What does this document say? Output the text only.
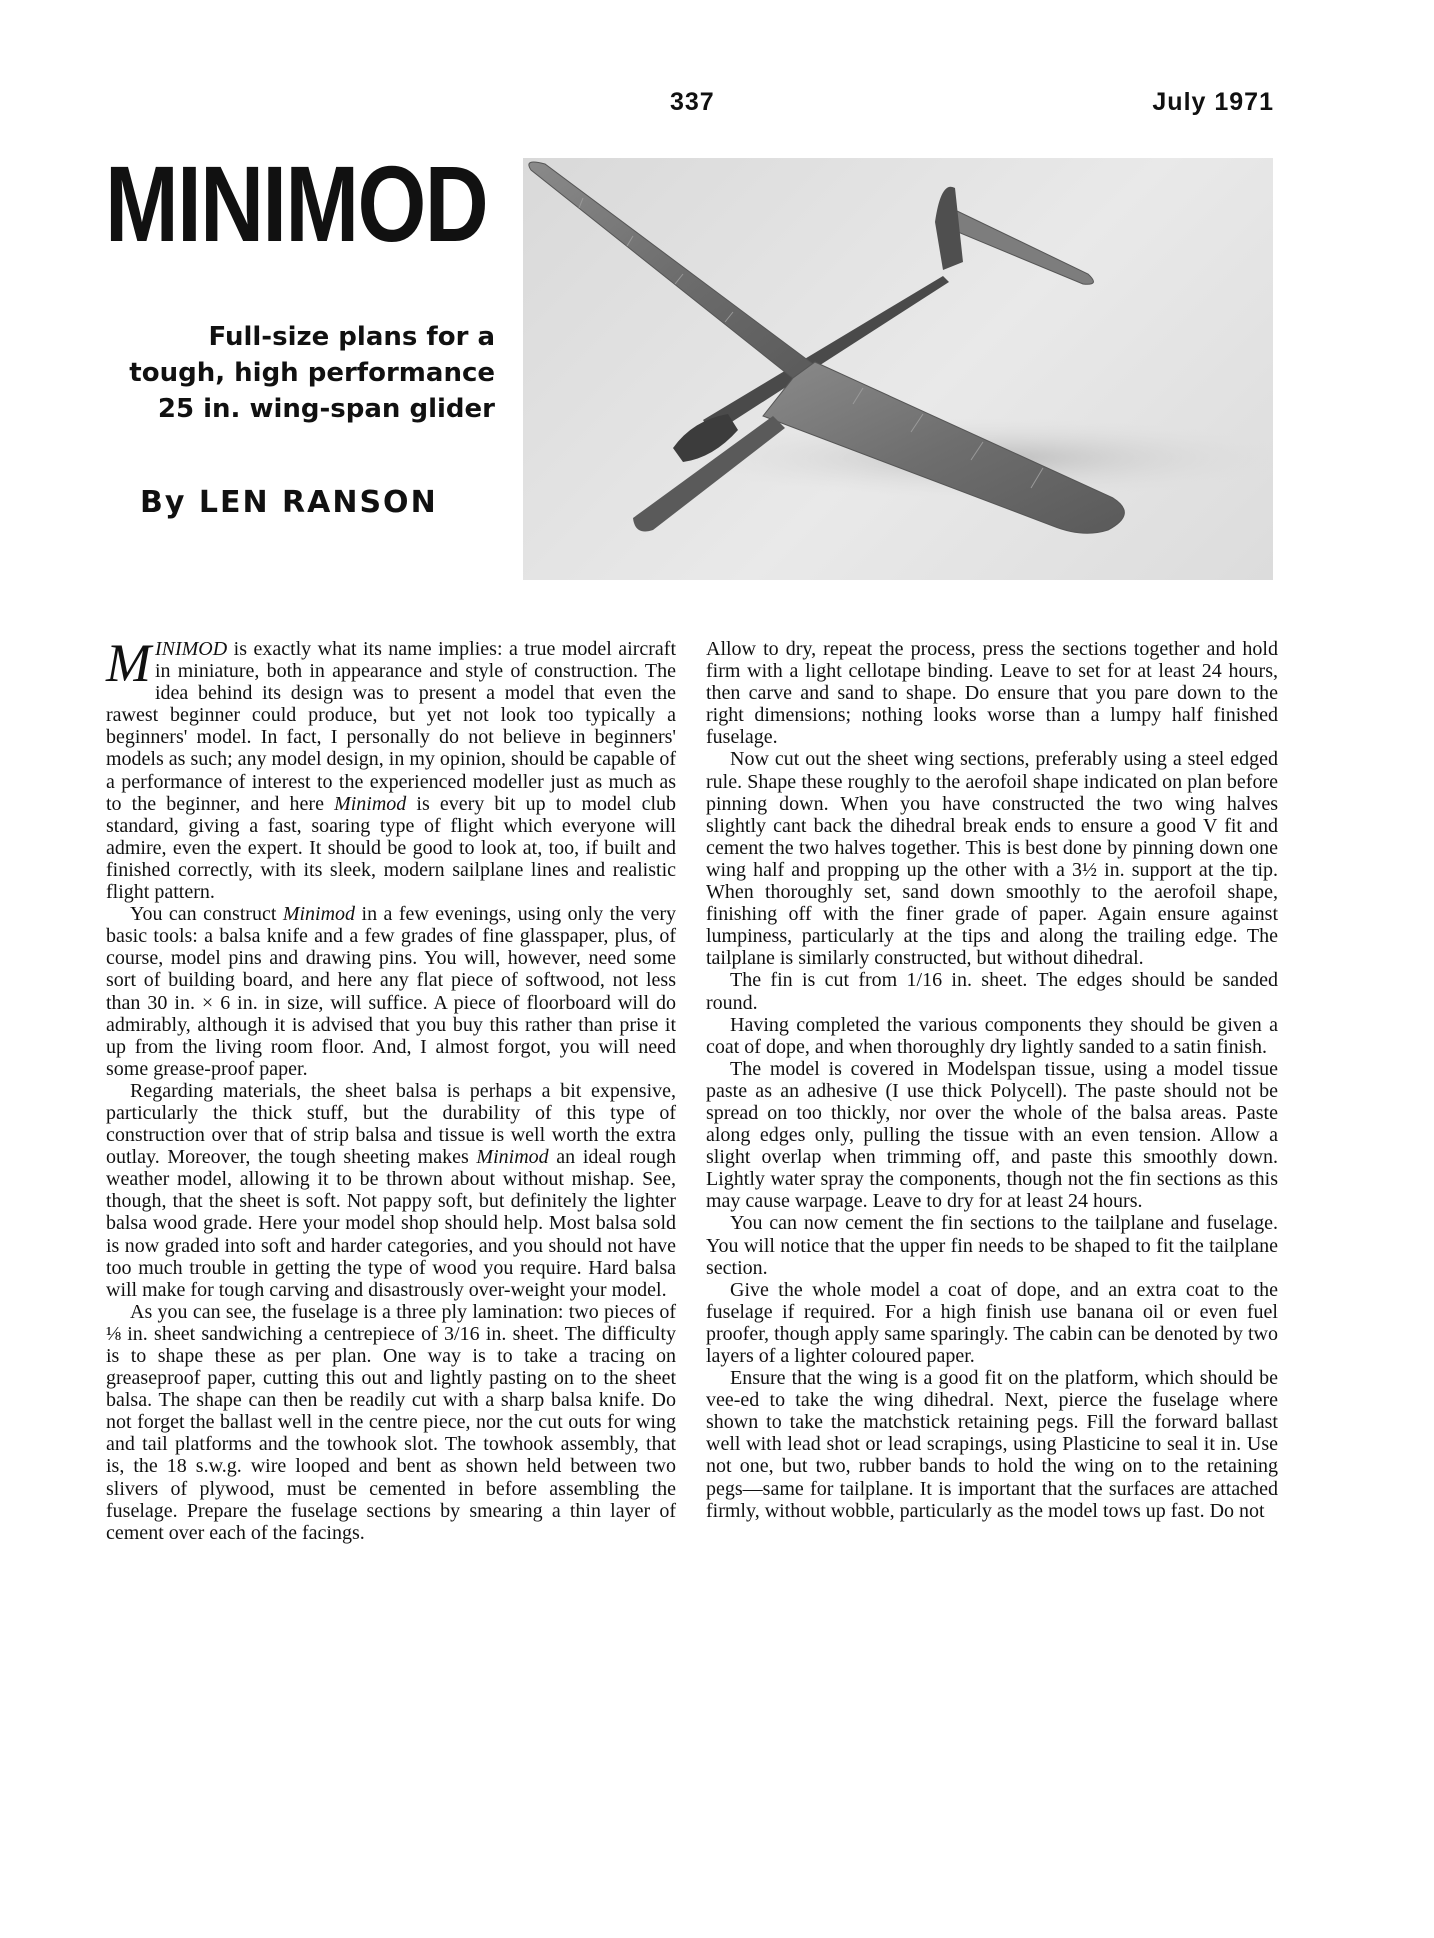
337	July 1971
MINIMOD

Full-size plans for a tough, high performance 25 in. wing-span glider

By LEN RANSON

MINIMOD is exactly what its name implies: a true model aircraft in miniature, both in appearance and style of construction. The idea behind its design was to present a model that even the rawest beginner could produce, but yet not look too typically a beginners' model. In fact, I personally do not believe in beginners' models as such; any model design, in my opinion, should be capable of a performance of interest to the experienced modeller just as much as to the beginner, and here Minimod is every bit up to model club standard, giving a fast, soaring type of flight which everyone will admire, even the expert. It should be good to look at, too, if built and finished correctly, with its sleek, modern sailplane lines and realistic flight pattern.

You can construct Minimod in a few evenings, using only the very basic tools: a balsa knife and a few grades of fine glasspaper, plus, of course, model pins and drawing pins. You will, however, need some sort of building board, and here any flat piece of softwood, not less than 30 in. × 6 in. in size, will suffice. A piece of floorboard will do admirably, although it is advised that you buy this rather than prise it up from the living room floor. And, I almost forgot, you will need some grease-proof paper.

Regarding materials, the sheet balsa is perhaps a bit expensive, particularly the thick stuff, but the durability of this type of construction over that of strip balsa and tissue is well worth the extra outlay. Moreover, the tough sheeting makes Minimod an ideal rough weather model, allowing it to be thrown about without mishap. See, though, that the sheet is soft. Not pappy soft, but definitely the lighter balsa wood grade. Here your model shop should help. Most balsa sold is now graded into soft and harder categories, and you should not have too much trouble in getting the type of wood you require. Hard balsa will make for tough carving and disastrously over-weight your model.

As you can see, the fuselage is a three ply lamination: two pieces of ⅛ in. sheet sandwiching a centrepiece of 3/16 in. sheet. The difficulty is to shape these as per plan. One way is to take a tracing on greaseproof paper, cutting this out and lightly pasting on to the sheet balsa. The shape can then be readily cut with a sharp balsa knife. Do not forget the ballast well in the centre piece, nor the cut outs for wing and tail platforms and the towhook slot. The towhook assembly, that is, the 18 s.w.g. wire looped and bent as shown held between two slivers of plywood, must be cemented in before assembling the fuselage. Prepare the fuselage sections by smearing a thin layer of cement over each of the facings.

Allow to dry, repeat the process, press the sections together and hold firm with a light cellotape binding. Leave to set for at least 24 hours, then carve and sand to shape. Do ensure that you pare down to the right dimensions; nothing looks worse than a lumpy half finished fuselage.

Now cut out the sheet wing sections, preferably using a steel edged rule. Shape these roughly to the aerofoil shape indicated on plan before pinning down. When you have constructed the two wing halves slightly cant back the dihedral break ends to ensure a good V fit and cement the two halves together. This is best done by pinning down one wing half and propping up the other with a 3½ in. support at the tip. When thoroughly set, sand down smoothly to the aerofoil shape, finishing off with the finer grade of paper. Again ensure against lumpiness, particularly at the tips and along the trailing edge. The tailplane is similarly constructed, but without dihedral.

The fin is cut from 1/16 in. sheet. The edges should be sanded round.

Having completed the various components they should be given a coat of dope, and when thoroughly dry lightly sanded to a satin finish.

The model is covered in Modelspan tissue, using a model tissue paste as an adhesive (I use thick Polycell). The paste should not be spread on too thickly, nor over the whole of the balsa areas. Paste along edges only, pulling the tissue with an even tension. Allow a slight overlap when trimming off, and paste this smoothly down. Lightly water spray the components, though not the fin sections as this may cause warpage. Leave to dry for at least 24 hours.

You can now cement the fin sections to the tailplane and fuselage. You will notice that the upper fin needs to be shaped to fit the tailplane section.

Give the whole model a coat of dope, and an extra coat to the fuselage if required. For a high finish use banana oil or even fuel proofer, though apply same sparingly. The cabin can be denoted by two layers of a lighter coloured paper.

Ensure that the wing is a good fit on the platform, which should be vee-ed to take the wing dihedral. Next, pierce the fuselage where shown to take the matchstick retaining pegs. Fill the forward ballast well with lead shot or lead scrapings, using Plasticine to seal it in. Use not one, but two, rubber bands to hold the wing on to the retaining pegs—same for tailplane. It is important that the surfaces are attached firmly, without wobble, particularly as the model tows up fast. Do not
